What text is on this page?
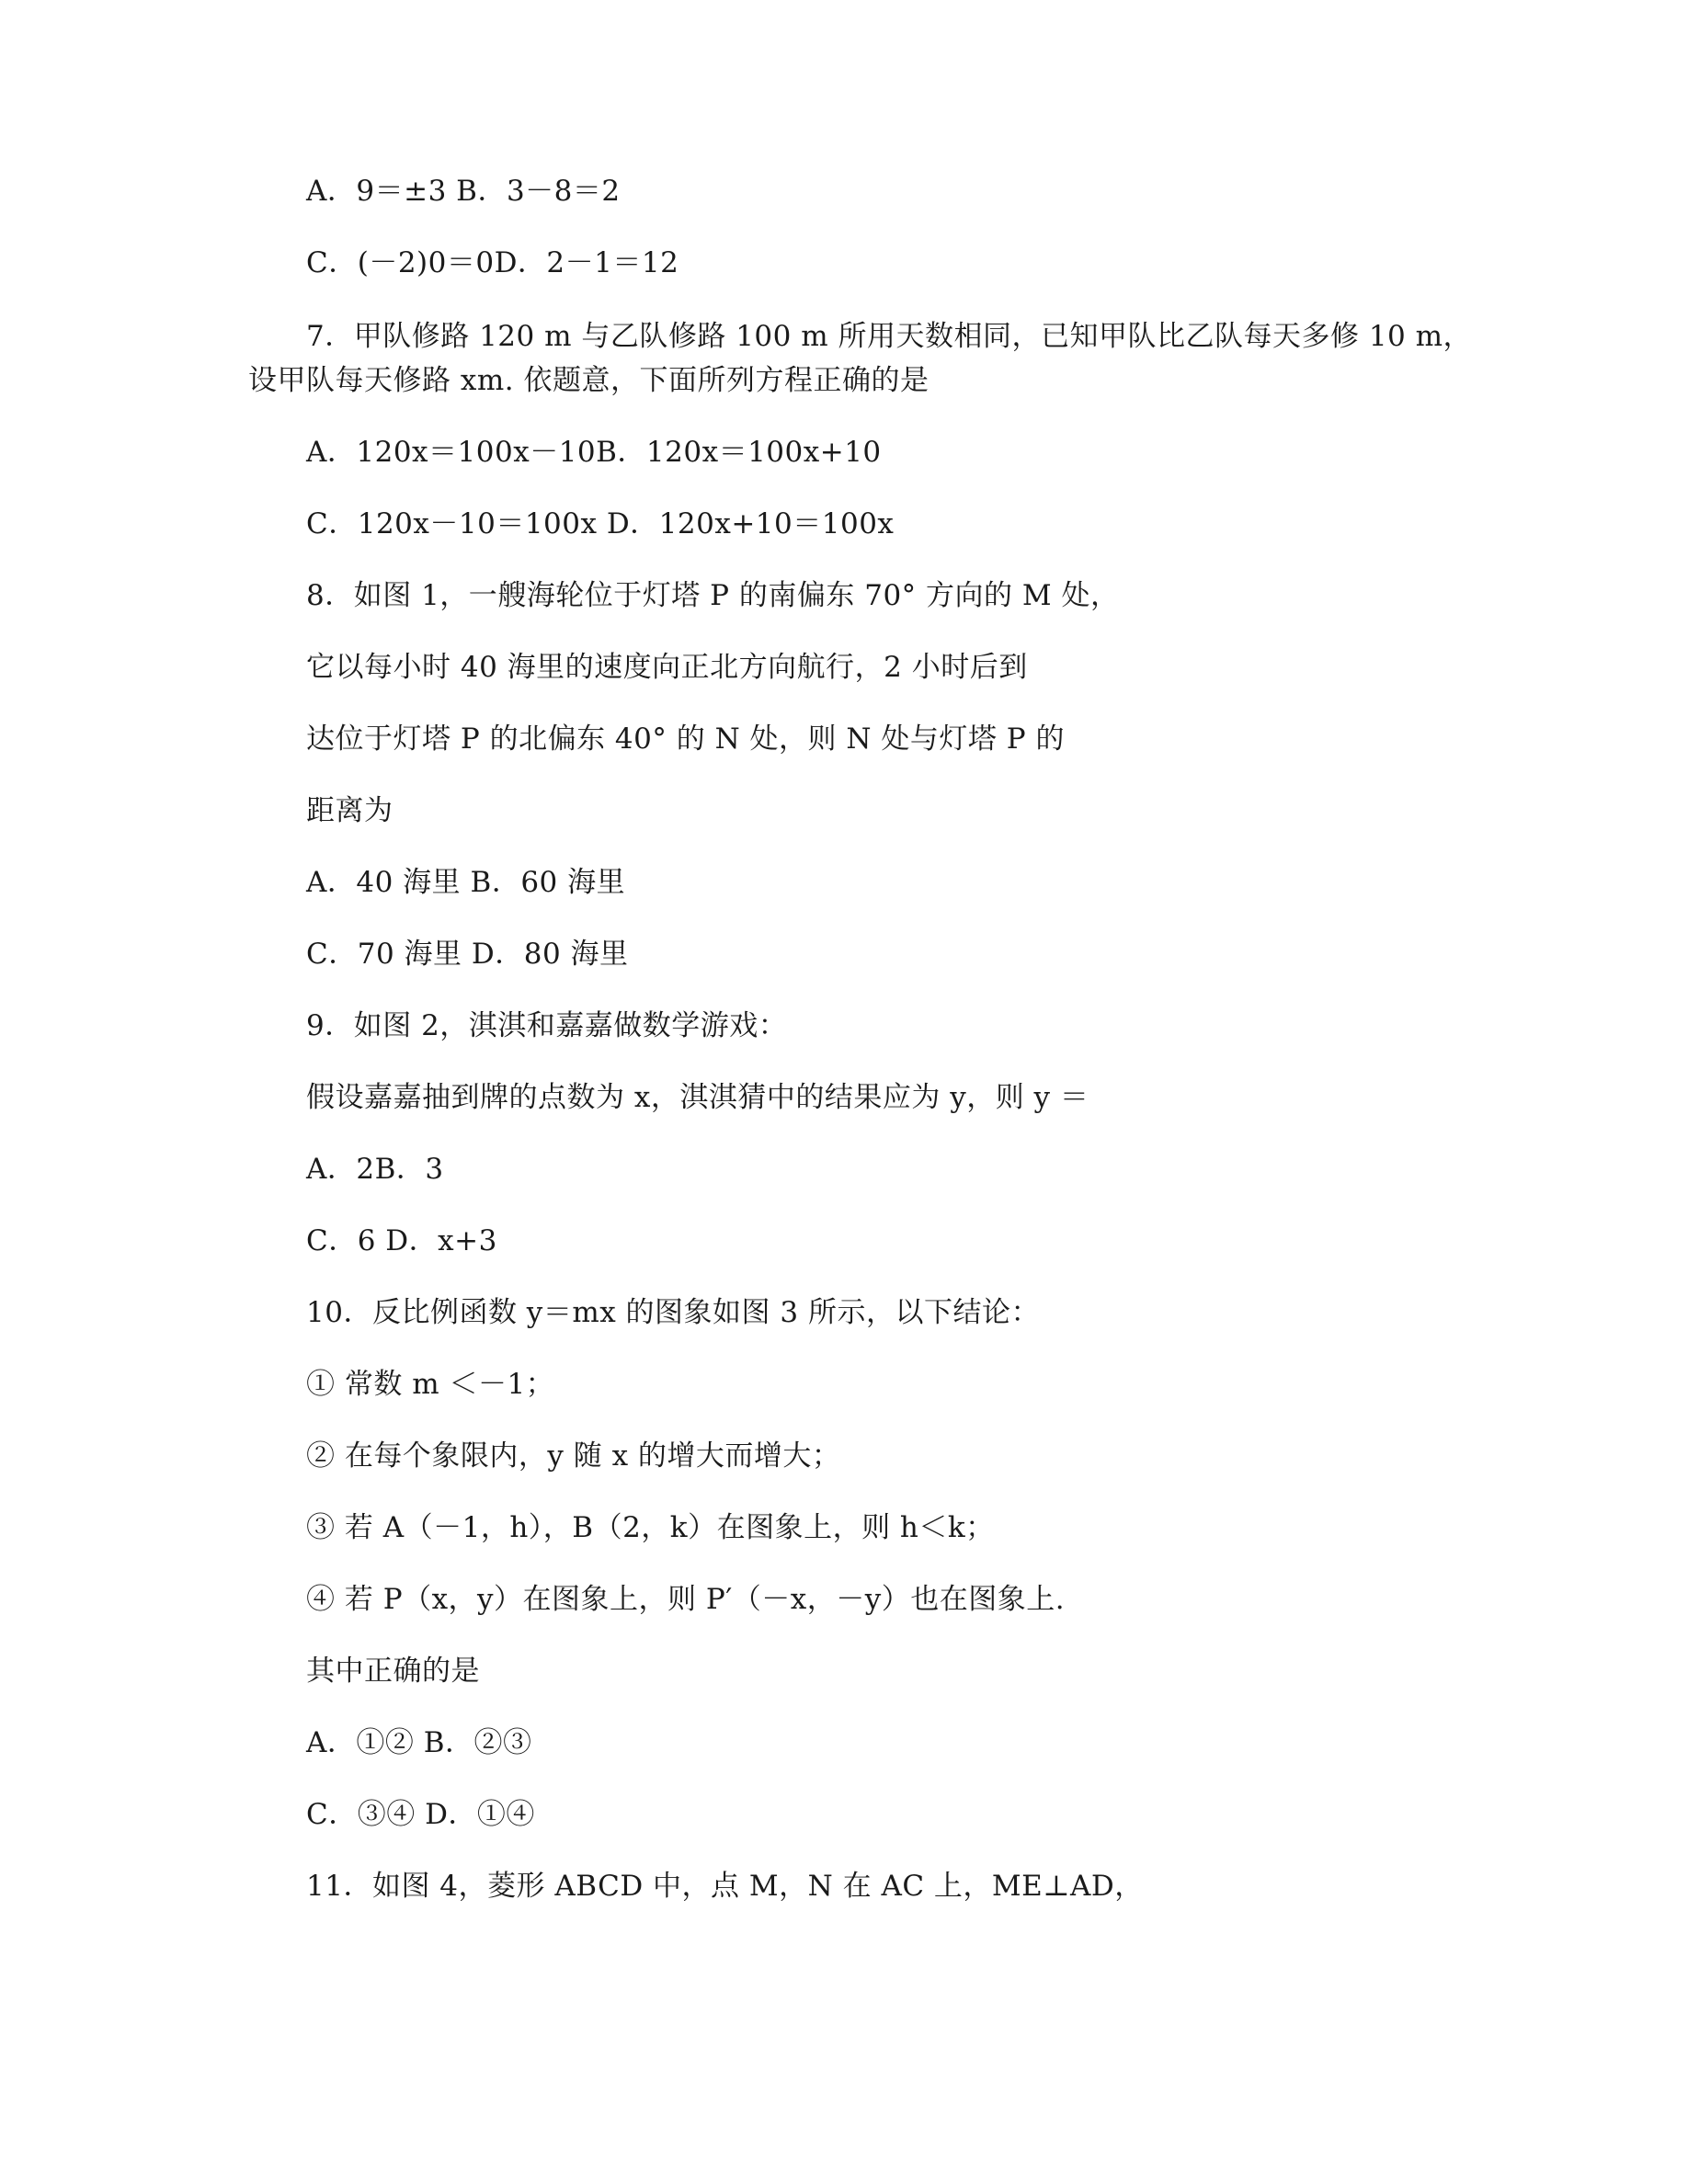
A．9＝±3 B．3－8＝2
C．(－2)0＝0D．2－1＝12
7．甲队修路 120 m 与乙队修路 100 m 所用天数相同，已知甲队比乙队每天多修 10 m，
设甲队每天修路 xm. 依题意，下面所列方程正确的是
A．120x＝100x－10B．120x＝100x+10
C．120x－10＝100x D．120x+10＝100x
8．如图 1，一艘海轮位于灯塔 P 的南偏东 70° 方向的 M 处，
它以每小时 40 海里的速度向正北方向航行，2 小时后到
达位于灯塔 P 的北偏东 40° 的 N 处，则 N 处与灯塔 P 的
距离为
A．40 海里 B．60 海里
C．70 海里 D．80 海里
9．如图 2，淇淇和嘉嘉做数学游戏：
假设嘉嘉抽到牌的点数为 x，淇淇猜中的结果应为 y，则 y ＝
A．2B．3
C．6 D．x+3
10．反比例函数 y＝mx 的图象如图 3 所示，以下结论：
① 常数 m ＜－1；
② 在每个象限内，y 随 x 的增大而增大；
③ 若 A（－1，h），B（2，k）在图象上，则 h＜k；
④ 若 P（x，y）在图象上，则 P′（－x，－y）也在图象上.
其中正确的是
A．①② B．②③
C．③④ D．①④
11．如图 4，菱形 ABCD 中，点 M，N 在 AC 上，ME⊥AD，
